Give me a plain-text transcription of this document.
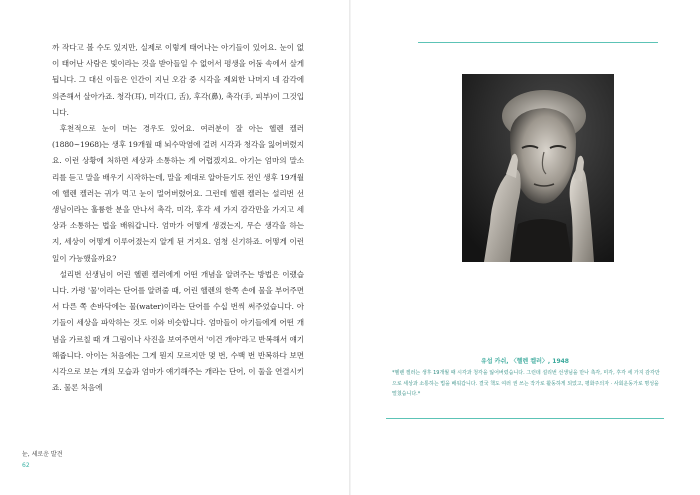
까 작다고 볼 수도 있지만, 실제로 이렇게 태어나는 아기들이 있어요. 눈이 없이 태어난 사람은 빛이라는 것을 받아들일 수 없어서 평생을 어둠 속에서 살게 됩니다. 그 대신 이들은 인간이 지닌 오감 중 시각을 제외한 나머지 네 감각에 의존해서 살아가죠. 청각(耳), 미각(口, 舌), 후각(鼻), 촉각(手, 피부)이 그것입니다.

후천적으로 눈이 머는 경우도 있어요. 여러분이 잘 아는 헬렌 켈러(1880~1968)는 생후 19개월 때 뇌수막염에 걸려 시각과 청각을 잃어버렸지요. 이런 상황에 처하면 세상과 소통하는 게 어렵겠지요. 아기는 엄마의 말소리를 듣고 말을 배우기 시작하는데, 말을 제대로 알아듣기도 전인 생후 19개월에 헬렌 켈러는 귀가 먹고 눈이 멀어버렸어요. 그런데 헬렌 켈러는 설리번 선생님이라는 훌륭한 분을 만나서 촉각, 미각, 후각 세 가지 감각만을 가지고 세상과 소통하는 법을 배워갑니다. 엄마가 어떻게 생겼는지, 무슨 생각을 하는지, 세상이 어떻게 이루어졌는지 알게 된 거지요. 엄청 신기하죠. 어떻게 이런 일이 가능했을까요?

설리번 선생님이 어린 헬렌 켈러에게 어떤 개념을 알려주는 방법은 이랬습니다. 가령 '물'이라는 단어를 알려줄 때, 어린 헬렌의 한쪽 손에 물을 부어주면서 다른 쪽 손바닥에는 물(water)이라는 단어를 수십 번씩 써주었습니다. 아기들이 세상을 파악하는 것도 이와 비슷합니다. 엄마들이 아기들에게 어떤 개념을 가르칠 때 개 그림이나 사진을 보여주면서 '이건 개야'라고 반복해서 얘기해줍니다. 아이는 처음에는 그게 뭔지 모르지만 몇 번, 수백 번 반복하다 보면 시각으로 보는 개의 모습과 엄마가 얘기해주는 개라는 단어, 이 둘을 연결시키죠. 물론 처음에

눈, 세로운 발견
62
유섭 카쉬, 〈헬렌 켈러〉, 1948
*헬렌 켈러는 생후 19개월 때 시각과 청각을 잃어버렸습니다. 그런데 설리번 선생님을 만나 촉각, 미각, 후각 세 가지 감각만으로 세상과 소통하는 법을 배워갑니다. 결국 책도 여러 권 쓰는 작가로 활동하게 되었고, 평화주의자 · 사회운동가로 명성을 떨쳤습니다.*
